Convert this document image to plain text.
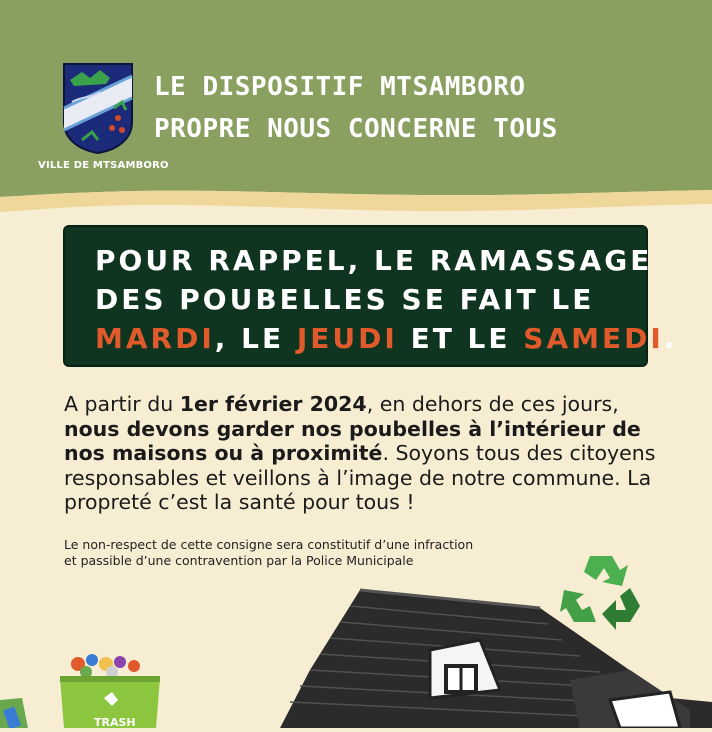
VILLE DE MTSAMBORO
LE DISPOSITIF MTSAMBORO
PROPRE NOUS CONCERNE TOUS
POUR RAPPEL, LE RAMASSAGE
DES POUBELLES SE FAIT LE
MARDI, LE JEUDI ET LE SAMEDI.
A partir du 1er février 2024, en dehors de ces jours, nous devons garder nos poubelles à l’intérieur de nos maisons ou à proximité. Soyons tous des citoyens responsables et veillons à l’image de notre commune. La propreté c’est la santé pour tous !
Le non-respect de cette consigne sera constitutif d’une infraction
et passible d’une contravention par la Police Municipale
TRASH
